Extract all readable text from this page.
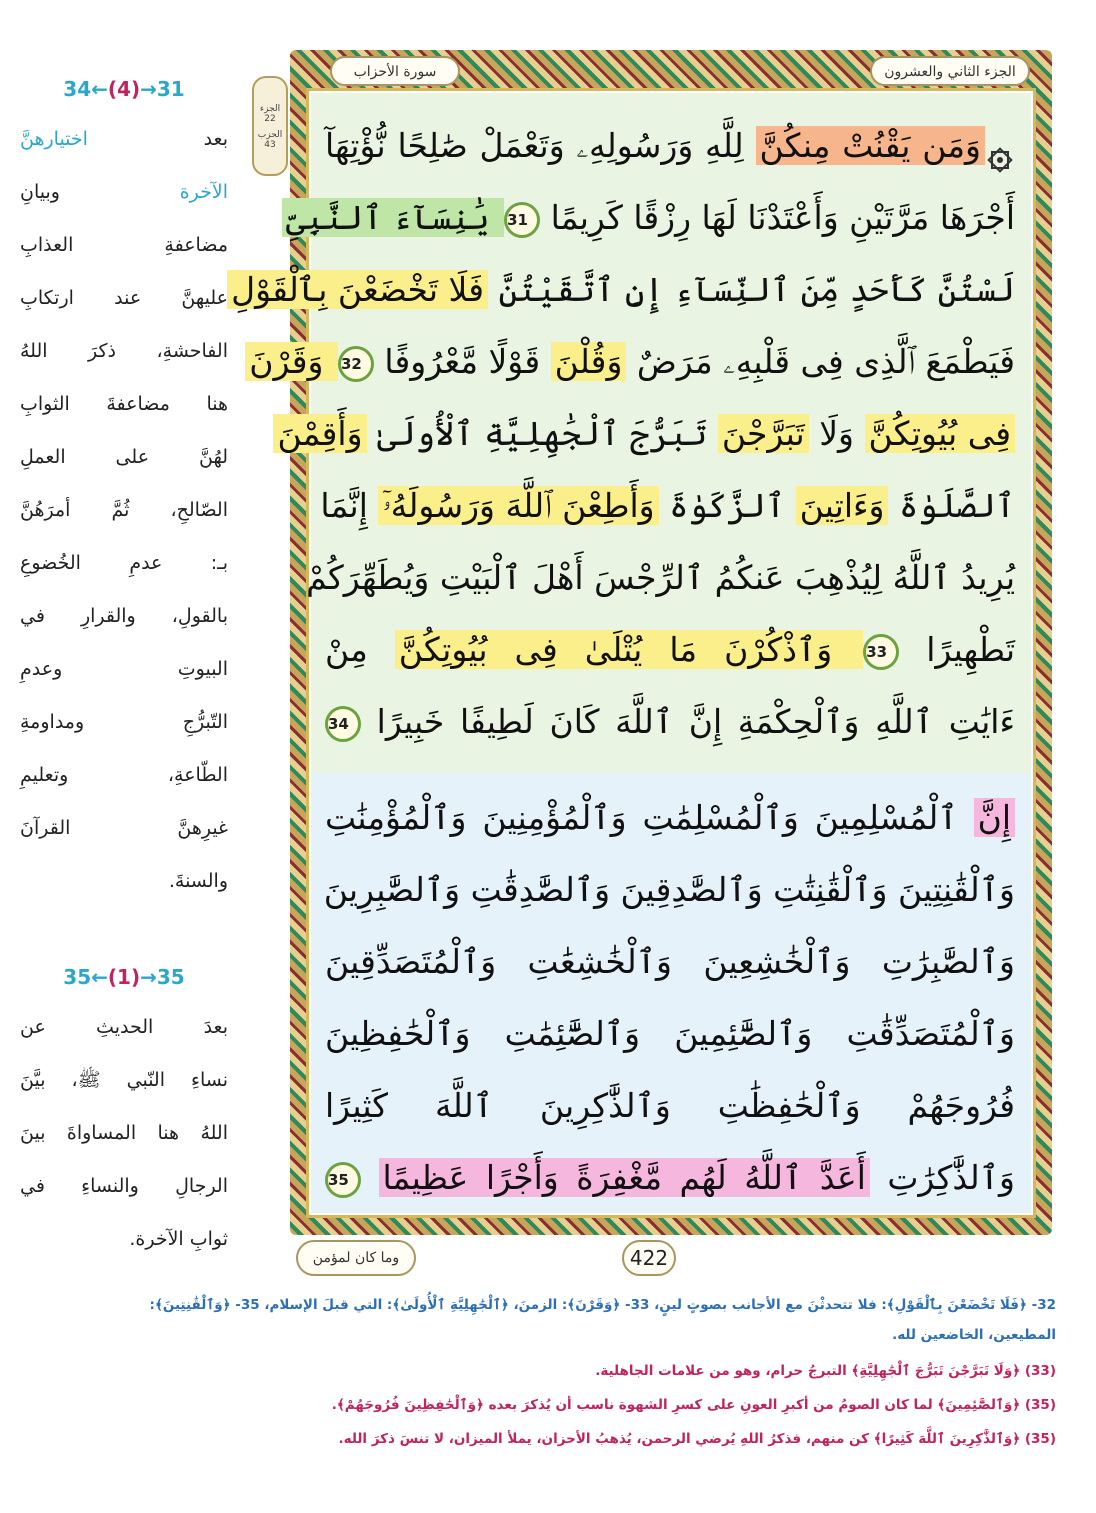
الجزء الثاني والعشرون
سورة الأحزاب
الجزء 22
الحزب 43	وَمَن يَقْنُتْ مِنكُنَّ لِلَّهِ وَرَسُولِهِۦ وَتَعْمَلْ صَٰلِحًا نُّؤْتِهَآ
أَجْرَهَا مَرَّتَيْنِ وَأَعْتَدْنَا لَهَا رِزْقًا كَرِيمًا 31 يَٰنِسَآءَ ٱلنَّبِىِّ
لَسْتُنَّ كَأَحَدٍ مِّنَ ٱلنِّسَآءِ إِنِ ٱتَّقَيْتُنَّ فَلَا تَخْضَعْنَ بِٱلْقَوْلِ
فَيَطْمَعَ ٱلَّذِى فِى قَلْبِهِۦ مَرَضٌ وَقُلْنَ قَوْلًا مَّعْرُوفًا 32 وَقَرْنَ
فِى بُيُوتِكُنَّ وَلَا تَبَرَّجْنَ تَبَرُّجَ ٱلْجَٰهِلِيَّةِ ٱلْأُولَىٰ وَأَقِمْنَ
ٱلصَّلَوٰةَ وَءَاتِينَ ٱلزَّكَوٰةَ وَأَطِعْنَ ٱللَّهَ وَرَسُولَهُۥٓ إِنَّمَا
يُرِيدُ ٱللَّهُ لِيُذْهِبَ عَنكُمُ ٱلرِّجْسَ أَهْلَ ٱلْبَيْتِ وَيُطَهِّرَكُمْ
تَطْهِيرًا 33 وَٱذْكُرْنَ مَا يُتْلَىٰ فِى بُيُوتِكُنَّ مِنْ
ءَايَٰتِ ٱللَّهِ وَٱلْحِكْمَةِ إِنَّ ٱللَّهَ كَانَ لَطِيفًا خَبِيرًا 34
إِنَّ ٱلْمُسْلِمِينَ وَٱلْمُسْلِمَٰتِ وَٱلْمُؤْمِنِينَ وَٱلْمُؤْمِنَٰتِ
وَٱلْقَٰنِتِينَ وَٱلْقَٰنِتَٰتِ وَٱلصَّٰدِقِينَ وَٱلصَّٰدِقَٰتِ وَٱلصَّٰبِرِينَ
وَٱلصَّٰبِرَٰتِ وَٱلْخَٰشِعِينَ وَٱلْخَٰشِعَٰتِ وَٱلْمُتَصَدِّقِينَ
وَٱلْمُتَصَدِّقَٰتِ وَٱلصَّٰٓئِمِينَ وَٱلصَّٰٓئِمَٰتِ وَٱلْحَٰفِظِينَ
فُرُوجَهُمْ وَٱلْحَٰفِظَٰتِ وَٱلذَّٰكِرِينَ ٱللَّهَ كَثِيرًا
وَٱلذَّٰكِرَٰتِ أَعَدَّ ٱللَّهُ لَهُم مَّغْفِرَةً وَأَجْرًا عَظِيمًا 35
422
وما كان لمؤمن
31→(4)←34
بعد اختيارهنَّ
الآخرة وبيانِ
مضاعفةِ العذابِ
عليهنَّ عند ارتكابِ
الفاحشةِ، ذكرَ اللهُ
هنا مضاعفةَ الثوابِ
لهُنَّ على العملِ
الصّالحِ، ثُمَّ أمرَهُنَّ
بـ: عدمِ الخُضوعِ
بالقولِ، والقرارِ في
البيوتِ وعدمِ
التّبرُّجِ ومداومةِ
الطّاعةِ، وتعليمِ
غيرِهنَّ القرآنَ
والسنةَ.
35→(1)←35
بعدَ الحديثِ عن
نساءِ النّبي ﷺ، بيَّنَ
اللهُ هنا المساواةَ بينَ
الرجالِ والنساءِ في
ثوابِ الآخرة.
32- ﴿فَلَا تَخْضَعْنَ بِٱلْقَوْلِ﴾: فلا تتحدثْنَ مع الأجانب بصوتٍ لينٍ، 33- ﴿وَقَرْنَ﴾: الزمنَ، ﴿ٱلْجَٰهِلِيَّةِ ٱلْأُولَىٰ﴾: التي قبلَ الإسلام، 35- ﴿وَٱلْقَٰنِتِينَ﴾:
المطيعين، الخاضعين لله.
(33) ﴿وَلَا تَبَرَّجْنَ تَبَرُّجَ ٱلْجَٰهِلِيَّةِ﴾ التبرجُ حرام، وهو من علامات الجاهلية.
(35) ﴿وَٱلصَّٰٓئِمِينَ﴾ لما كان الصومُ من أكبرِ العونِ على كسرِ الشهوة ناسب أن يُذكرَ بعده ﴿وَٱلْحَٰفِظِينَ فُرُوجَهُمْ﴾.
(35) ﴿وَٱلذَّٰكِرِينَ ٱللَّهَ كَثِيرًا﴾ كن منهم، فذكرُ اللهِ يُرضي الرحمن، يُذهبُ الأحزان، يملأ الميزان، لا تنسَ ذكرَ الله.
